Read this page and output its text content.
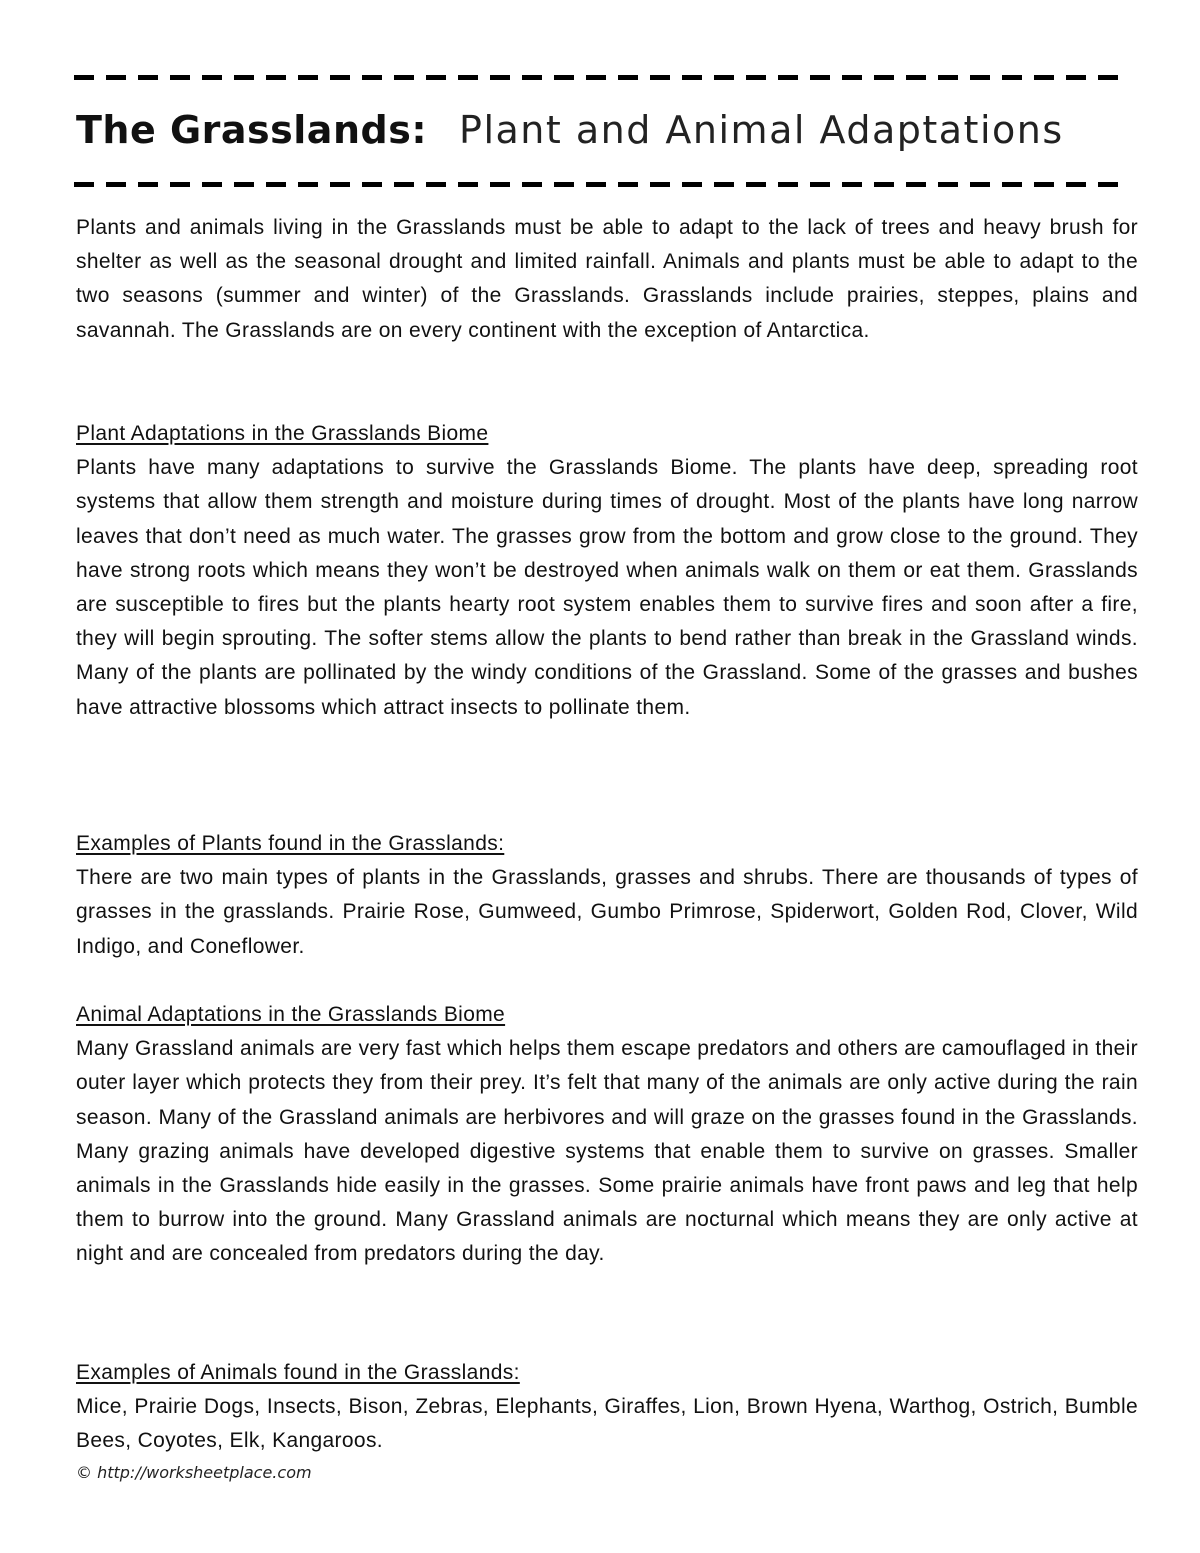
The Grasslands: Plant and Animal Adaptations
Plants and animals living in the Grasslands must be able to adapt to the lack of trees and heavy brush for shelter as well as the seasonal drought and limited rainfall. Animals and plants must be able to adapt to the two seasons (summer and winter) of the Grasslands. Grasslands include prairies, steppes, plains and savannah. The Grasslands are on every continent with the exception of Antarctica.
Plant Adaptations in the Grasslands Biome
Plants have many adaptations to survive the Grasslands Biome. The plants have deep, spreading root systems that allow them strength and moisture during times of drought. Most of the plants have long narrow leaves that don’t need as much water. The grasses grow from the bottom and grow close to the ground. They have strong roots which means they won’t be destroyed when animals walk on them or eat them. Grasslands are susceptible to fires but the plants hearty root system enables them to survive fires and soon after a fire, they will begin sprouting. The softer stems allow the plants to bend rather than break in the Grassland winds. Many of the plants are pollinated by the windy conditions of the Grassland. Some of the grasses and bushes have attractive blossoms which attract insects to pollinate them.
Examples of Plants found in the Grasslands:
There are two main types of plants in the Grasslands, grasses and shrubs. There are thousands of types of grasses in the grasslands. Prairie Rose, Gumweed, Gumbo Primrose, Spiderwort, Golden Rod, Clover, Wild Indigo, and Coneflower.
Animal Adaptations in the Grasslands Biome
Many Grassland animals are very fast which helps them escape predators and others are camouflaged in their outer layer which protects they from their prey. It’s felt that many of the animals are only active during the rain season. Many of the Grassland animals are herbivores and will graze on the grasses found in the Grasslands. Many grazing animals have developed digestive systems that enable them to survive on grasses. Smaller animals in the Grasslands hide easily in the grasses. Some prairie animals have front paws and leg that help them to burrow into the ground. Many Grassland animals are nocturnal which means they are only active at night and are concealed from predators during the day.
Examples of Animals found in the Grasslands:
Mice, Prairie Dogs, Insects, Bison, Zebras, Elephants, Giraffes, Lion, Brown Hyena, Warthog, Ostrich, Bumble Bees, Coyotes, Elk, Kangaroos.
© http://worksheetplace.com
